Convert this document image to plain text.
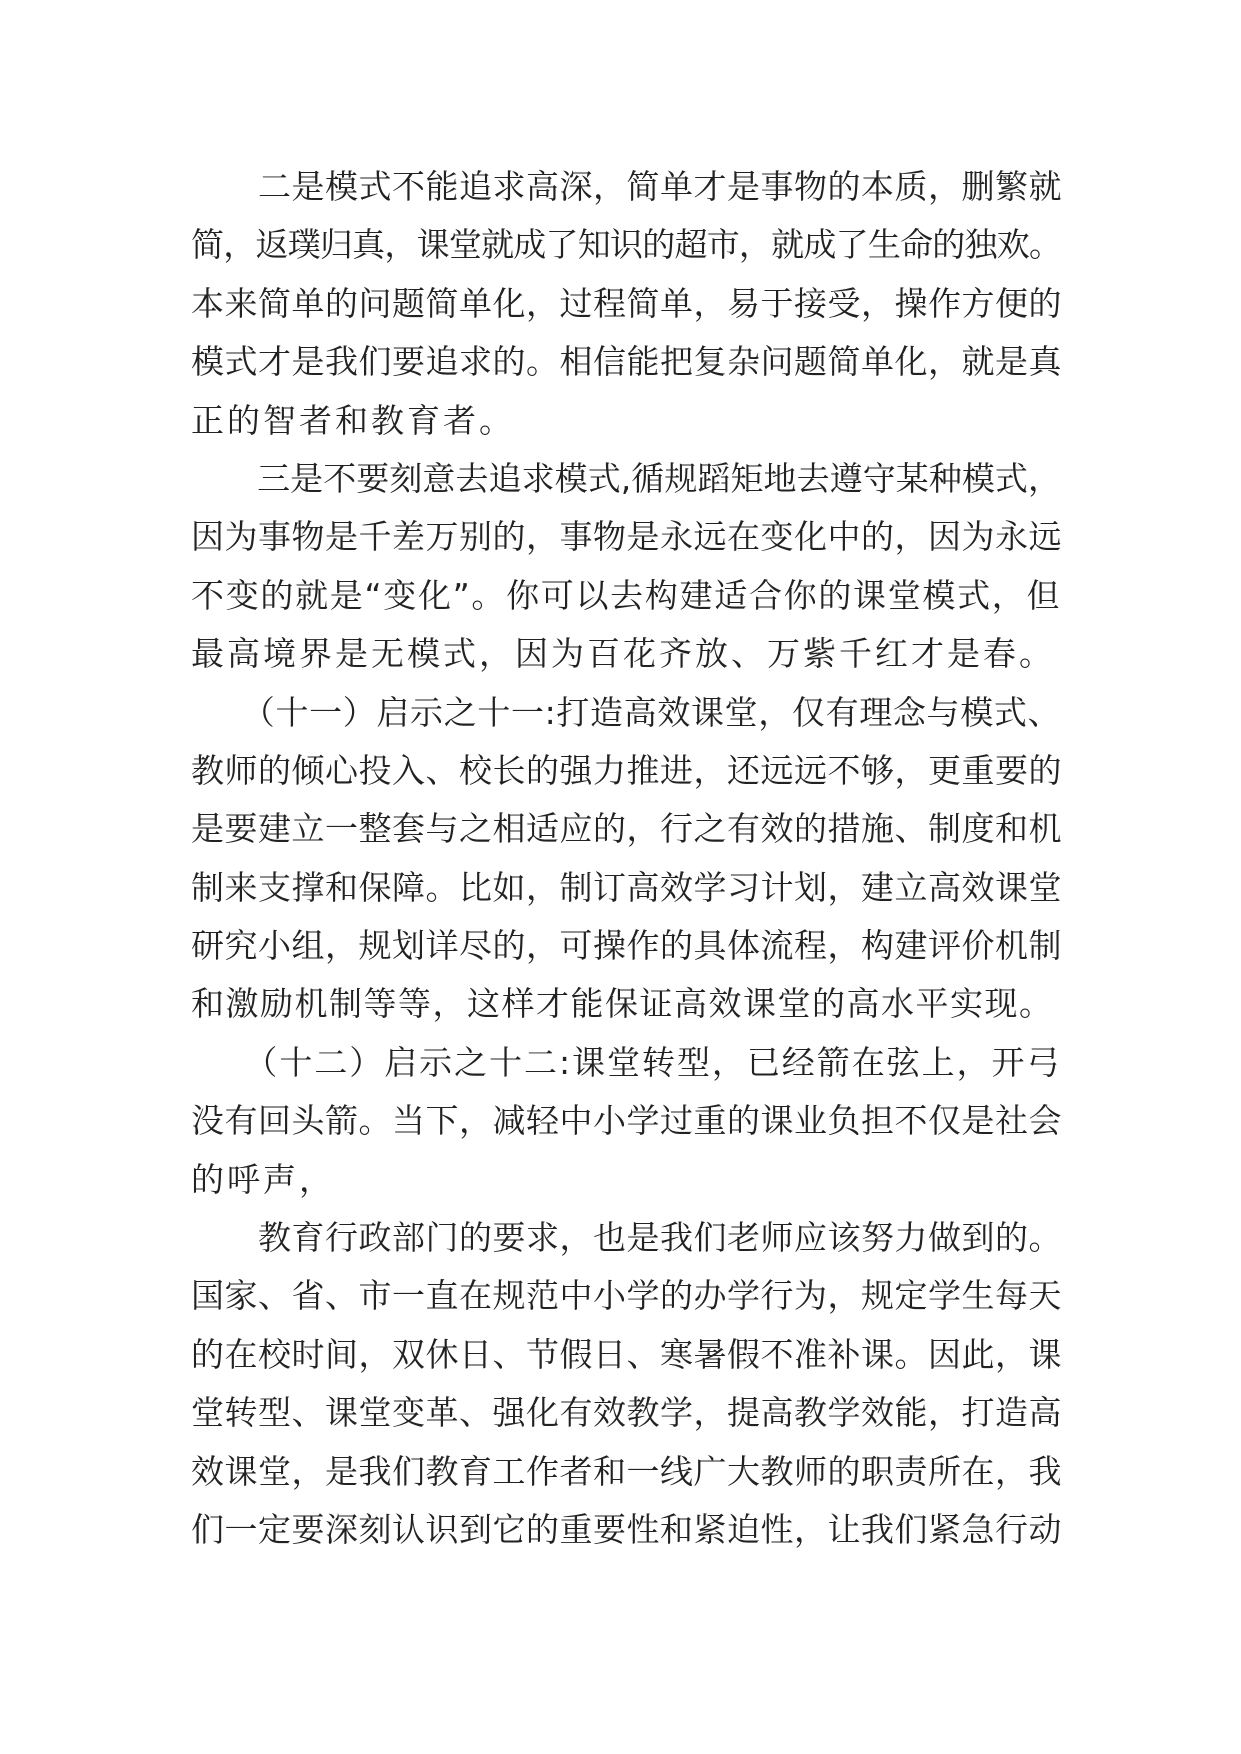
　　二是模式不能追求高深，简单才是事物的本质，删繁就
简，返璞归真，课堂就成了知识的超市，就成了生命的独欢。
本来简单的问题简单化，过程简单，易于接受，操作方便的
模式才是我们要追求的。相信能把复杂问题简单化，就是真
正的智者和教育者。
　　三是不要刻意去追求模式,循规蹈矩地去遵守某种模式，
因为事物是千差万别的，事物是永远在变化中的，因为永远
不变的就是“变化”。你可以去构建适合你的课堂模式，但
最高境界是无模式，因为百花齐放、万紫千红才是春。
　　（十一）启示之十一:打造高效课堂，仅有理念与模式、
教师的倾心投入、校长的强力推进，还远远不够，更重要的
是要建立一整套与之相适应的，行之有效的措施、制度和机
制来支撑和保障。比如，制订高效学习计划，建立高效课堂
研究小组，规划详尽的，可操作的具体流程，构建评价机制
和激励机制等等，这样才能保证高效课堂的高水平实现。
　　（十二）启示之十二:课堂转型，已经箭在弦上，开弓
没有回头箭。当下，减轻中小学过重的课业负担不仅是社会
的呼声，
　　教育行政部门的要求，也是我们老师应该努力做到的。
国家、省、市一直在规范中小学的办学行为，规定学生每天
的在校时间，双休日、节假日、寒暑假不准补课。因此，课
堂转型、课堂变革、强化有效教学，提高教学效能，打造高
效课堂，是我们教育工作者和一线广大教师的职责所在，我
们一定要深刻认识到它的重要性和紧迫性，让我们紧急行动
